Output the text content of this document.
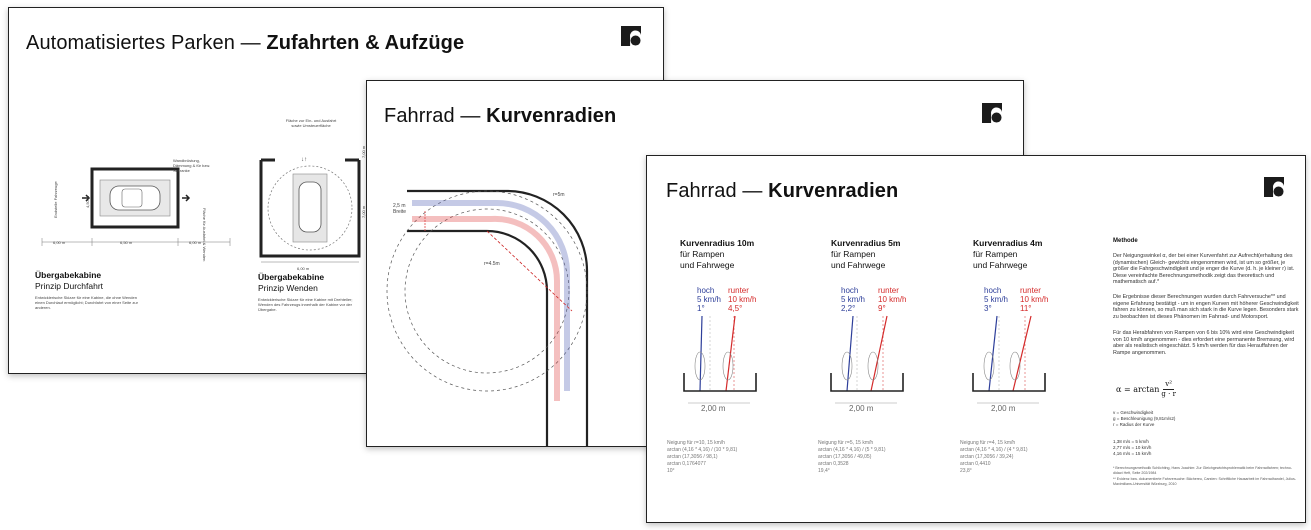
Automatisiertes Parken — Zufahrten & Aufzüge
6,00 m	6,50 m	6,00 m
Wandbrüstung, Dämmung & für bzw. Schranke
Endstelle Fahrzeuge
Fläche für Ausfahrt & Wenden
Übergabekabine
Prinzip Durchfahrt
Entwicklerische Skizze für eine Kabine, die ohne Wenden einen Durchlauf ermöglicht; Durchfahrt von einer Seite zur anderen.
↓↑
Fläche zur Ein- und Ausfahrt sowie Umsteuerfläche
7,00 m
7,00 m
6,00 m
4,50 m
Übergabekabine
Prinzip Wenden
Entwicklerische Skizze für eine Kabine mit Drehteller; Wenden des Fahrzeugs innerhalb der Kabine vor der Übergabe.
Fahrrad — Kurvenradien
2,5 m
Breite
r=5m
r=4.5m
Fahrrad — Kurvenradien
Kurvenradius 10m
für Rampen
und Fahrwege
hoch
5 km/h
1°
runter
10 km/h
4,5°
2,00 m
Neigung für r=10, 15 km/h
arctan (4,16 * 4,16) / (10 * 9,81)
arctan (17,3056 / 98,1)
arctan 0,1764077
10°
Kurvenradius 5m
für Rampen
und Fahrwege
hoch
5 km/h
2,2°
runter
10 km/h
9°
2,00 m
Neigung für r=5, 15 km/h
arctan (4,16 * 4,16) / (5 * 9,81)
arctan (17,3056 / 49,05)
arctan 0,3528
19,4°
Kurvenradius 4m
für Rampen
und Fahrwege
hoch
5 km/h
3°
runter
10 km/h
11°
2,00 m
Neigung für r=4, 15 km/h
arctan (4,16 * 4,16) / (4 * 9,81)
arctan (17,3056 / 39,24)
arctan 0,4410
23,8°
Methode
Der Neigungswinkel α, der bei einer Kurvenfahrt zur Aufrecht(erhaltung des (dynamischen) Gleich- gewichts eingenommen wird, ist um so größer, je größer die Fahrgeschwindigkeit und je enger die Kurve (d. h. je kleiner r) ist. Diese vereinfachte Berechnungsmethodik zeigt das theoretisch und mathematisch auf.*
Die Ergebnisse dieser Berechnungen wurden durch Fahrversuche** und eigene Erfahrung bestätigt - um in engen Kurven mit höherer Geschwindigkeit fahren zu können, so muß man sich stark in die Kurve legen. Besonders stark zu beobachten ist dieses Phänomen im Fahrrad- und Motorsport.
Für das Herabfahren von Rampen von 6 bis 10% wird eine Geschwindigkeit von 10 km/h angenommen - dies erfordert eine permanente Bremsung, wird aber als realistisch eingeschätzt. 5 km/h werden für das Herauffahren der Rampe angenommen.
$\alpha = \arctan \frac{\text{v²}}{g \cdot r}$
v = Geschwindigkeit
g = Beschleunigung (9,81m/s2)
r = Radius der Kurve
1,38 m/s = 5 km/h
2,77 m/s = 10 km/h
4,16 m/s = 15 km/h
* Berechnungsmethodik Schlichting, Hans Joachim: Zur Gleichgewichtsproblematik beim Fahrradfahren; techno-didact Heft, Seite 202/1984
** Evidenz bzw. dokumentierte Fahrversuche: Bächereu, Carsten: Schriftliche Hausarbeit im Fahrradhandel, Julius-Maximilians-Universität Würzburg, 2010
